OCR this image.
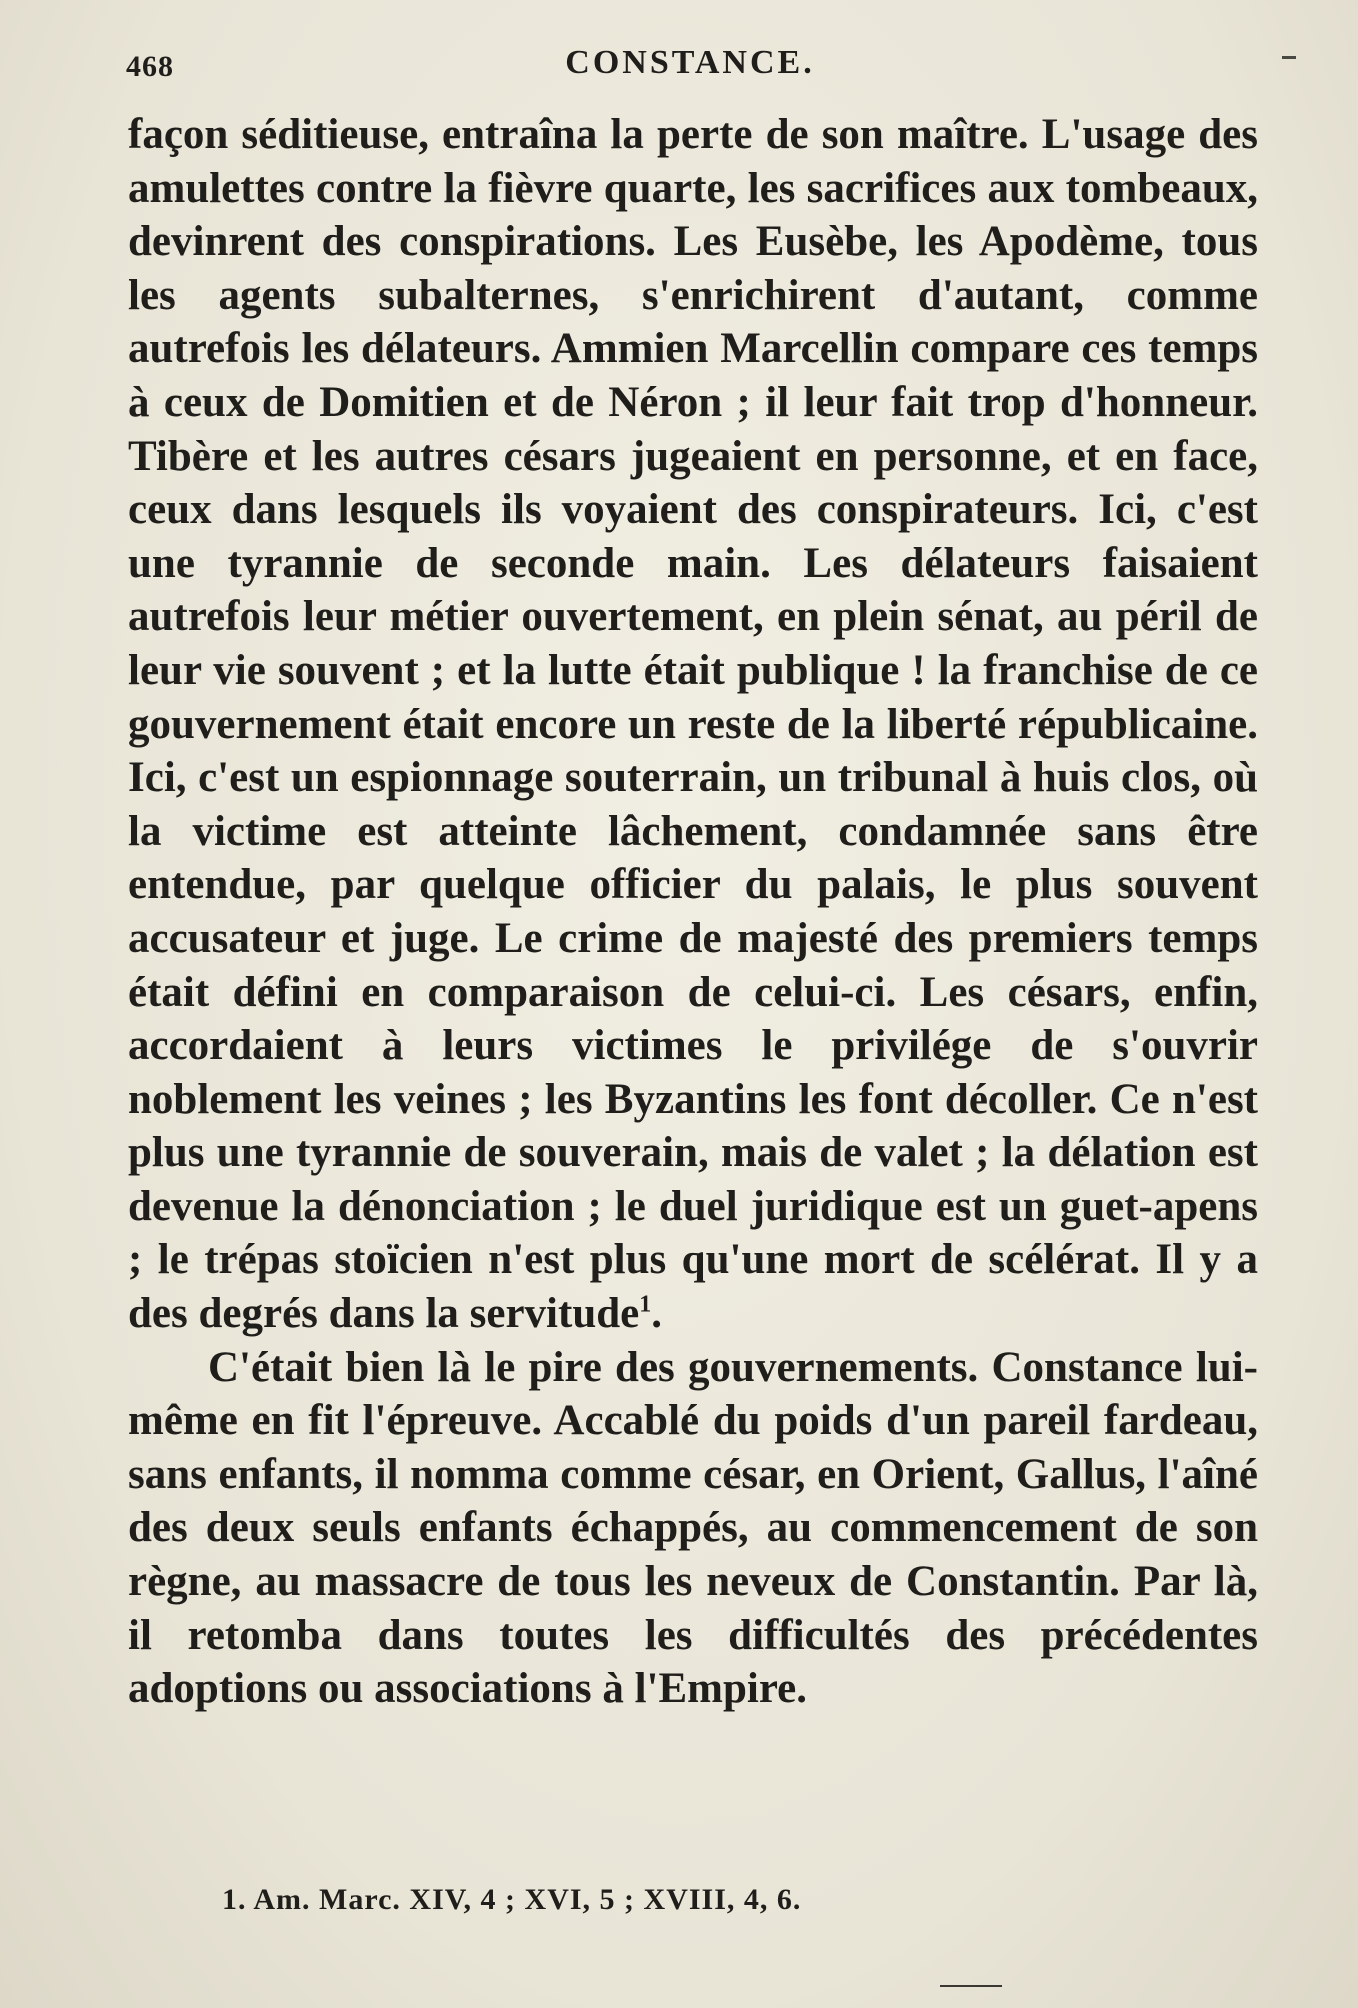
468	CONSTANCE.

façon séditieuse, entraîna la perte de son maître. L'usage des amulettes contre la fièvre quarte, les sacrifices aux tombeaux, devinrent des conspirations. Les Eusèbe, les Apodème, tous les agents subalternes, s'enrichirent d'autant, comme autrefois les délateurs. Ammien Marcellin compare ces temps à ceux de Domitien et de Néron ; il leur fait trop d'honneur. Tibère et les autres césars jugeaient en personne, et en face, ceux dans lesquels ils voyaient des conspirateurs. Ici, c'est une tyrannie de seconde main. Les délateurs faisaient autrefois leur métier ouvertement, en plein sénat, au péril de leur vie souvent ; et la lutte était publique ! la franchise de ce gouvernement était encore un reste de la liberté républicaine. Ici, c'est un espionnage souterrain, un tribunal à huis clos, où la victime est atteinte lâchement, condamnée sans être entendue, par quelque officier du palais, le plus souvent accusateur et juge. Le crime de majesté des premiers temps était défini en comparaison de celui-ci. Les césars, enfin, accordaient à leurs victimes le privilége de s'ouvrir noblement les veines ; les Byzantins les font décoller. Ce n'est plus une tyrannie de souverain, mais de valet ; la délation est devenue la dénonciation ; le duel juridique est un guet-apens ; le trépas stoïcien n'est plus qu'une mort de scélérat. Il y a des degrés dans la servitude$^1$.

C'était bien là le pire des gouvernements. Constance lui-même en fit l'épreuve. Accablé du poids d'un pareil fardeau, sans enfants, il nomma comme césar, en Orient, Gallus, l'aîné des deux seuls enfants échappés, au commencement de son règne, au massacre de tous les neveux de Constantin. Par là, il retomba dans toutes les difficultés des précédentes adoptions ou associations à l'Empire.

1. Am. Marc. XIV, 4 ; XVI, 5 ; XVIII, 4, 6.
